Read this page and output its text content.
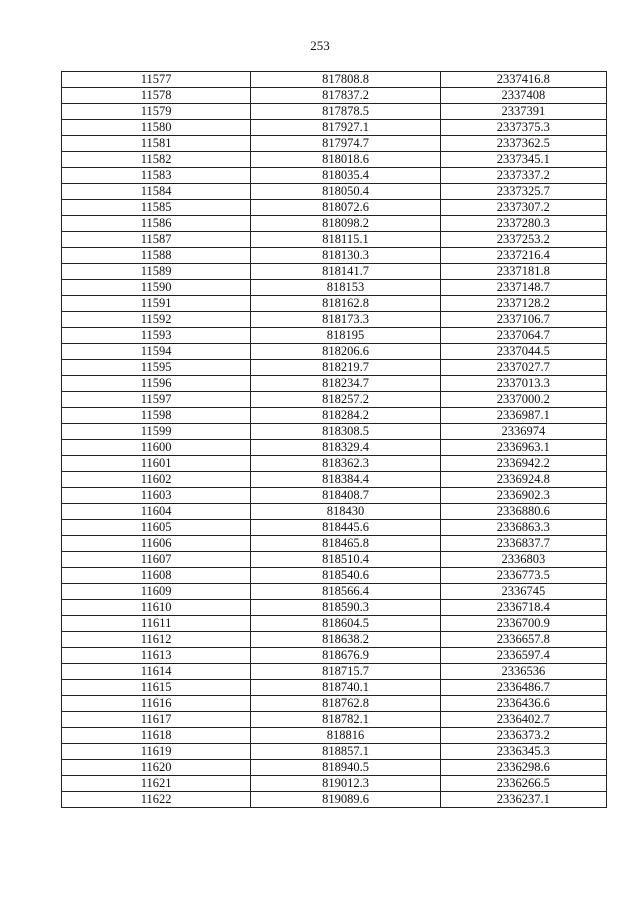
253
11577	817808.8	2337416.8
11578	817837.2	2337408
11579	817878.5	2337391
11580	817927.1	2337375.3
11581	817974.7	2337362.5
11582	818018.6	2337345.1
11583	818035.4	2337337.2
11584	818050.4	2337325.7
11585	818072.6	2337307.2
11586	818098.2	2337280.3
11587	818115.1	2337253.2
11588	818130.3	2337216.4
11589	818141.7	2337181.8
11590	818153	2337148.7
11591	818162.8	2337128.2
11592	818173.3	2337106.7
11593	818195	2337064.7
11594	818206.6	2337044.5
11595	818219.7	2337027.7
11596	818234.7	2337013.3
11597	818257.2	2337000.2
11598	818284.2	2336987.1
11599	818308.5	2336974
11600	818329.4	2336963.1
11601	818362.3	2336942.2
11602	818384.4	2336924.8
11603	818408.7	2336902.3
11604	818430	2336880.6
11605	818445.6	2336863.3
11606	818465.8	2336837.7
11607	818510.4	2336803
11608	818540.6	2336773.5
11609	818566.4	2336745
11610	818590.3	2336718.4
11611	818604.5	2336700.9
11612	818638.2	2336657.8
11613	818676.9	2336597.4
11614	818715.7	2336536
11615	818740.1	2336486.7
11616	818762.8	2336436.6
11617	818782.1	2336402.7
11618	818816	2336373.2
11619	818857.1	2336345.3
11620	818940.5	2336298.6
11621	819012.3	2336266.5
11622	819089.6	2336237.1
